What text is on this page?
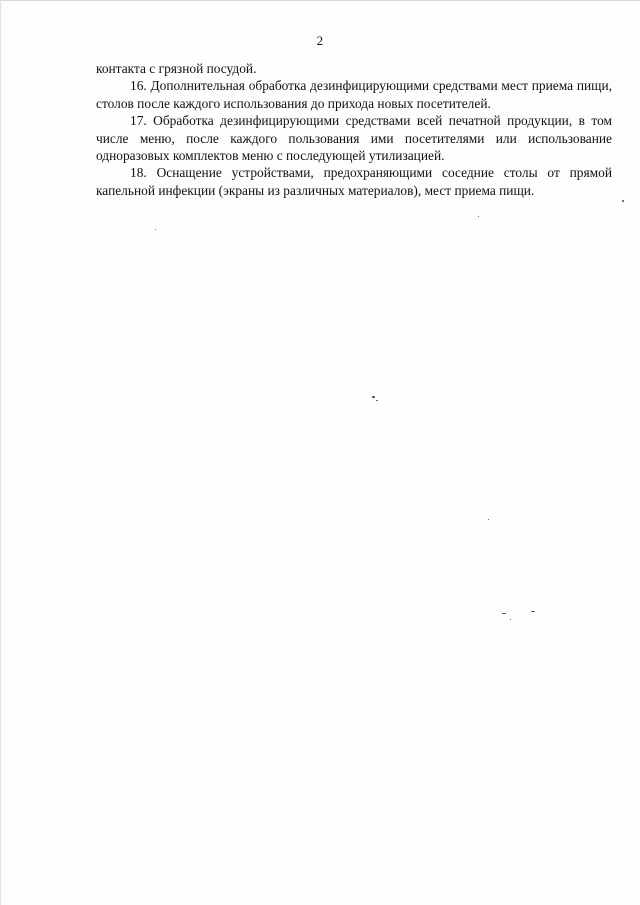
2

контакта с грязной посудой.

16. Дополнительная обработка дезинфицирующими средствами мест приема пищи, столов после каждого использования до прихода новых посетителей.

17. Обработка дезинфицирующими средствами всей печатной продукции, в том числе меню, после каждого пользования ими посетителями или использование одноразовых комплектов меню с последующей утилизацией.

18. Оснащение устройствами, предохраняющими соседние столы от прямой капельной инфекции (экраны из различных материалов), мест приема пищи.
